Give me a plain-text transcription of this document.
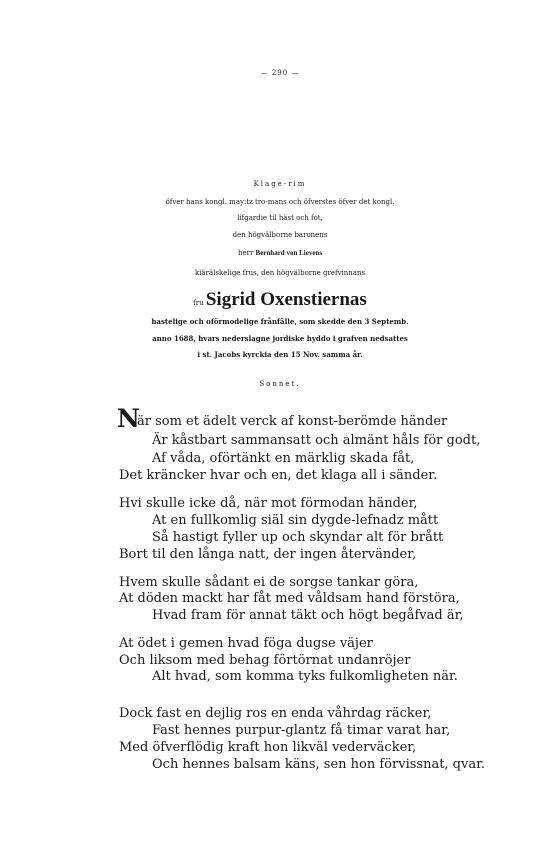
— 290 —
Klage-rim
öfver hans kongl. may:tz tro-mans och öfverstes öfver det kongl.
lifgardie til häst och fot,
den högvälborne baronens
herr Bernhard von Lievens
kiärälskelige frus, den högvälborne grefvinnans
fru Sigrid Oxenstiernas
hastelige och oförmodelige frånfälle, som skedde den 3 Septemb.
anno 1688, hvars nederslagne jordiske hyddo i grafven nedsattes
i st. Jacobs kyrckia den 15 Nov. samma år.
Sonnet.
N
är som et ädelt verck af konst-berömde händer
Är kåstbart sammansatt och almänt håls för godt,
Af våda, oförtänkt en märklig skada fåt,
Det kräncker hvar och en, det klaga all i sänder.
Hvi skulle icke då, när mot förmodan händer,
At en fullkomlig siäl sin dygde-lefnadz mått
Så hastigt fyller up och skyndar alt för brått
Bort til den långa natt, der ingen återvänder,
Hvem skulle sådant ei de sorgse tankar göra,
At döden mackt har fåt med våldsam hand förstöra,
Hvad fram för annat täkt och högt begåfvad är,
At ödet i gemen hvad föga dugse väjer
Och liksom med behag förtörnat undanröjer
Alt hvad, som komma tyks fulkomligheten när.
Dock fast en dejlig ros en enda våhrdag räcker,
Fast hennes purpur-glantz få timar varat har,
Med öfverflödig kraft hon likväl vederväcker,
Och hennes balsam käns, sen hon förvissnat, qvar.
